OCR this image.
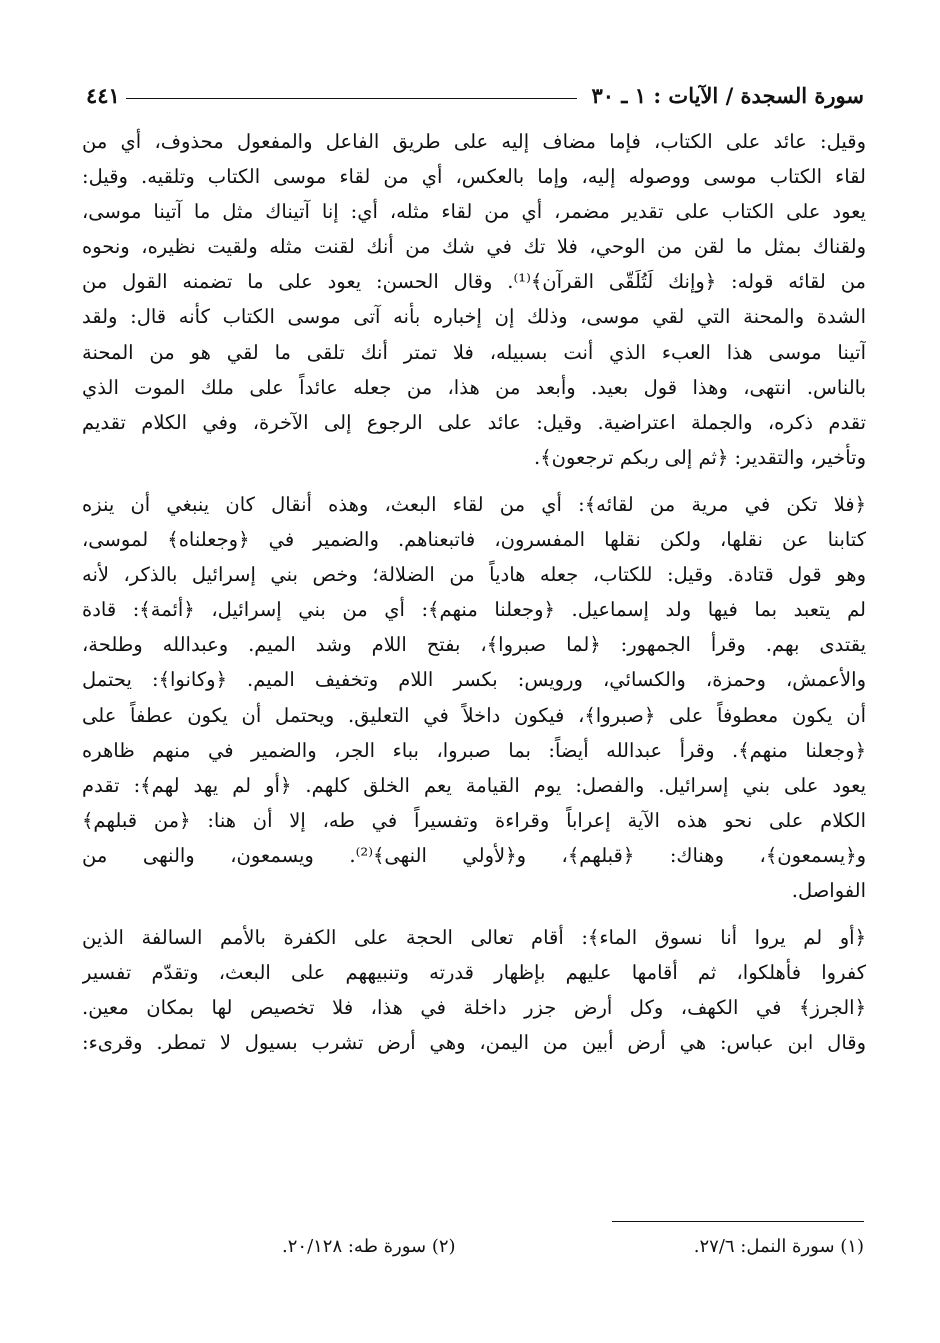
سورة السجدة / الآيات : ١ ـ ٣٠
٤٤١
وقيل: عائد على الكتاب، فإما مضاف إليه على طريق الفاعل والمفعول محذوف، أي من
لقاء الكتاب موسى ووصوله إليه، وإما بالعكس، أي من لقاء موسى الكتاب وتلقيه. وقيل:
يعود على الكتاب على تقدير مضمر، أي من لقاء مثله، أي: إنا آتيناك مثل ما آتينا موسى،
ولقناك بمثل ما لقن من الوحي، فلا تك في شك من أنك لقنت مثله ولقيت نظيره، ونحوه
من لقائه قوله: ﴿وإنك لَتُلَقّى القرآن﴾⁽¹⁾. وقال الحسن: يعود على ما تضمنه القول من
الشدة والمحنة التي لقي موسى، وذلك إن إخباره بأنه آتى موسى الكتاب كأنه قال: ولقد
آتينا موسى هذا العبء الذي أنت بسبيله، فلا تمتر أنك تلقى ما لقي هو من المحنة
بالناس. انتهى، وهذا قول بعيد. وأبعد من هذا، من جعله عائداً على ملك الموت الذي
تقدم ذكره، والجملة اعتراضية. وقيل: عائد على الرجوع إلى الآخرة، وفي الكلام تقديم
وتأخير، والتقدير: ﴿ثم إلى ربكم ترجعون﴾.
﴿فلا تكن في مرية من لقائه﴾: أي من لقاء البعث، وهذه أنقال كان ينبغي أن ينزه
كتابنا عن نقلها، ولكن نقلها المفسرون، فاتبعناهم. والضمير في ﴿وجعلناه﴾ لموسى،
وهو قول قتادة. وقيل: للكتاب، جعله هادياً من الضلالة؛ وخص بني إسرائيل بالذكر، لأنه
لم يتعبد بما فيها ولد إسماعيل. ﴿وجعلنا منهم﴾: أي من بني إسرائيل، ﴿أئمة﴾: قادة
يقتدى بهم. وقرأ الجمهور: ﴿لما صبروا﴾، بفتح اللام وشد الميم. وعبدالله وطلحة،
والأعمش، وحمزة، والكسائي، ورويس: بكسر اللام وتخفيف الميم. ﴿وكانوا﴾: يحتمل
أن يكون معطوفاً على ﴿صبروا﴾، فيكون داخلاً في التعليق. ويحتمل أن يكون عطفاً على
﴿وجعلنا منهم﴾. وقرأ عبدالله أيضاً: بما صبروا، بباء الجر، والضمير في منهم ظاهره
يعود على بني إسرائيل. والفصل: يوم القيامة يعم الخلق كلهم. ﴿أو لم يهد لهم﴾: تقدم
الكلام على نحو هذه الآية إعراباً وقراءة وتفسيراً في طه، إلا أن هنا: ﴿من قبلهم﴾
و﴿يسمعون﴾، وهناك: ﴿قبلهم﴾، و﴿لأولي النهى﴾⁽²⁾. ويسمعون، والنهى من
الفواصل.
﴿أو لم يروا أنا نسوق الماء﴾: أقام تعالى الحجة على الكفرة بالأمم السالفة الذين
كفروا فأهلكوا، ثم أقامها عليهم بإظهار قدرته وتنبيههم على البعث، وتقدّم تفسير
﴿الجرز﴾ في الكهف، وكل أرض جزر داخلة في هذا، فلا تخصيص لها بمكان معين.
وقال ابن عباس: هي أرض أبين من اليمن، وهي أرض تشرب بسيول لا تمطر. وقرىء:
(١) سورة النمل: ٢٧/٦.
(٢) سورة طه: ٢٠/١٢٨.
